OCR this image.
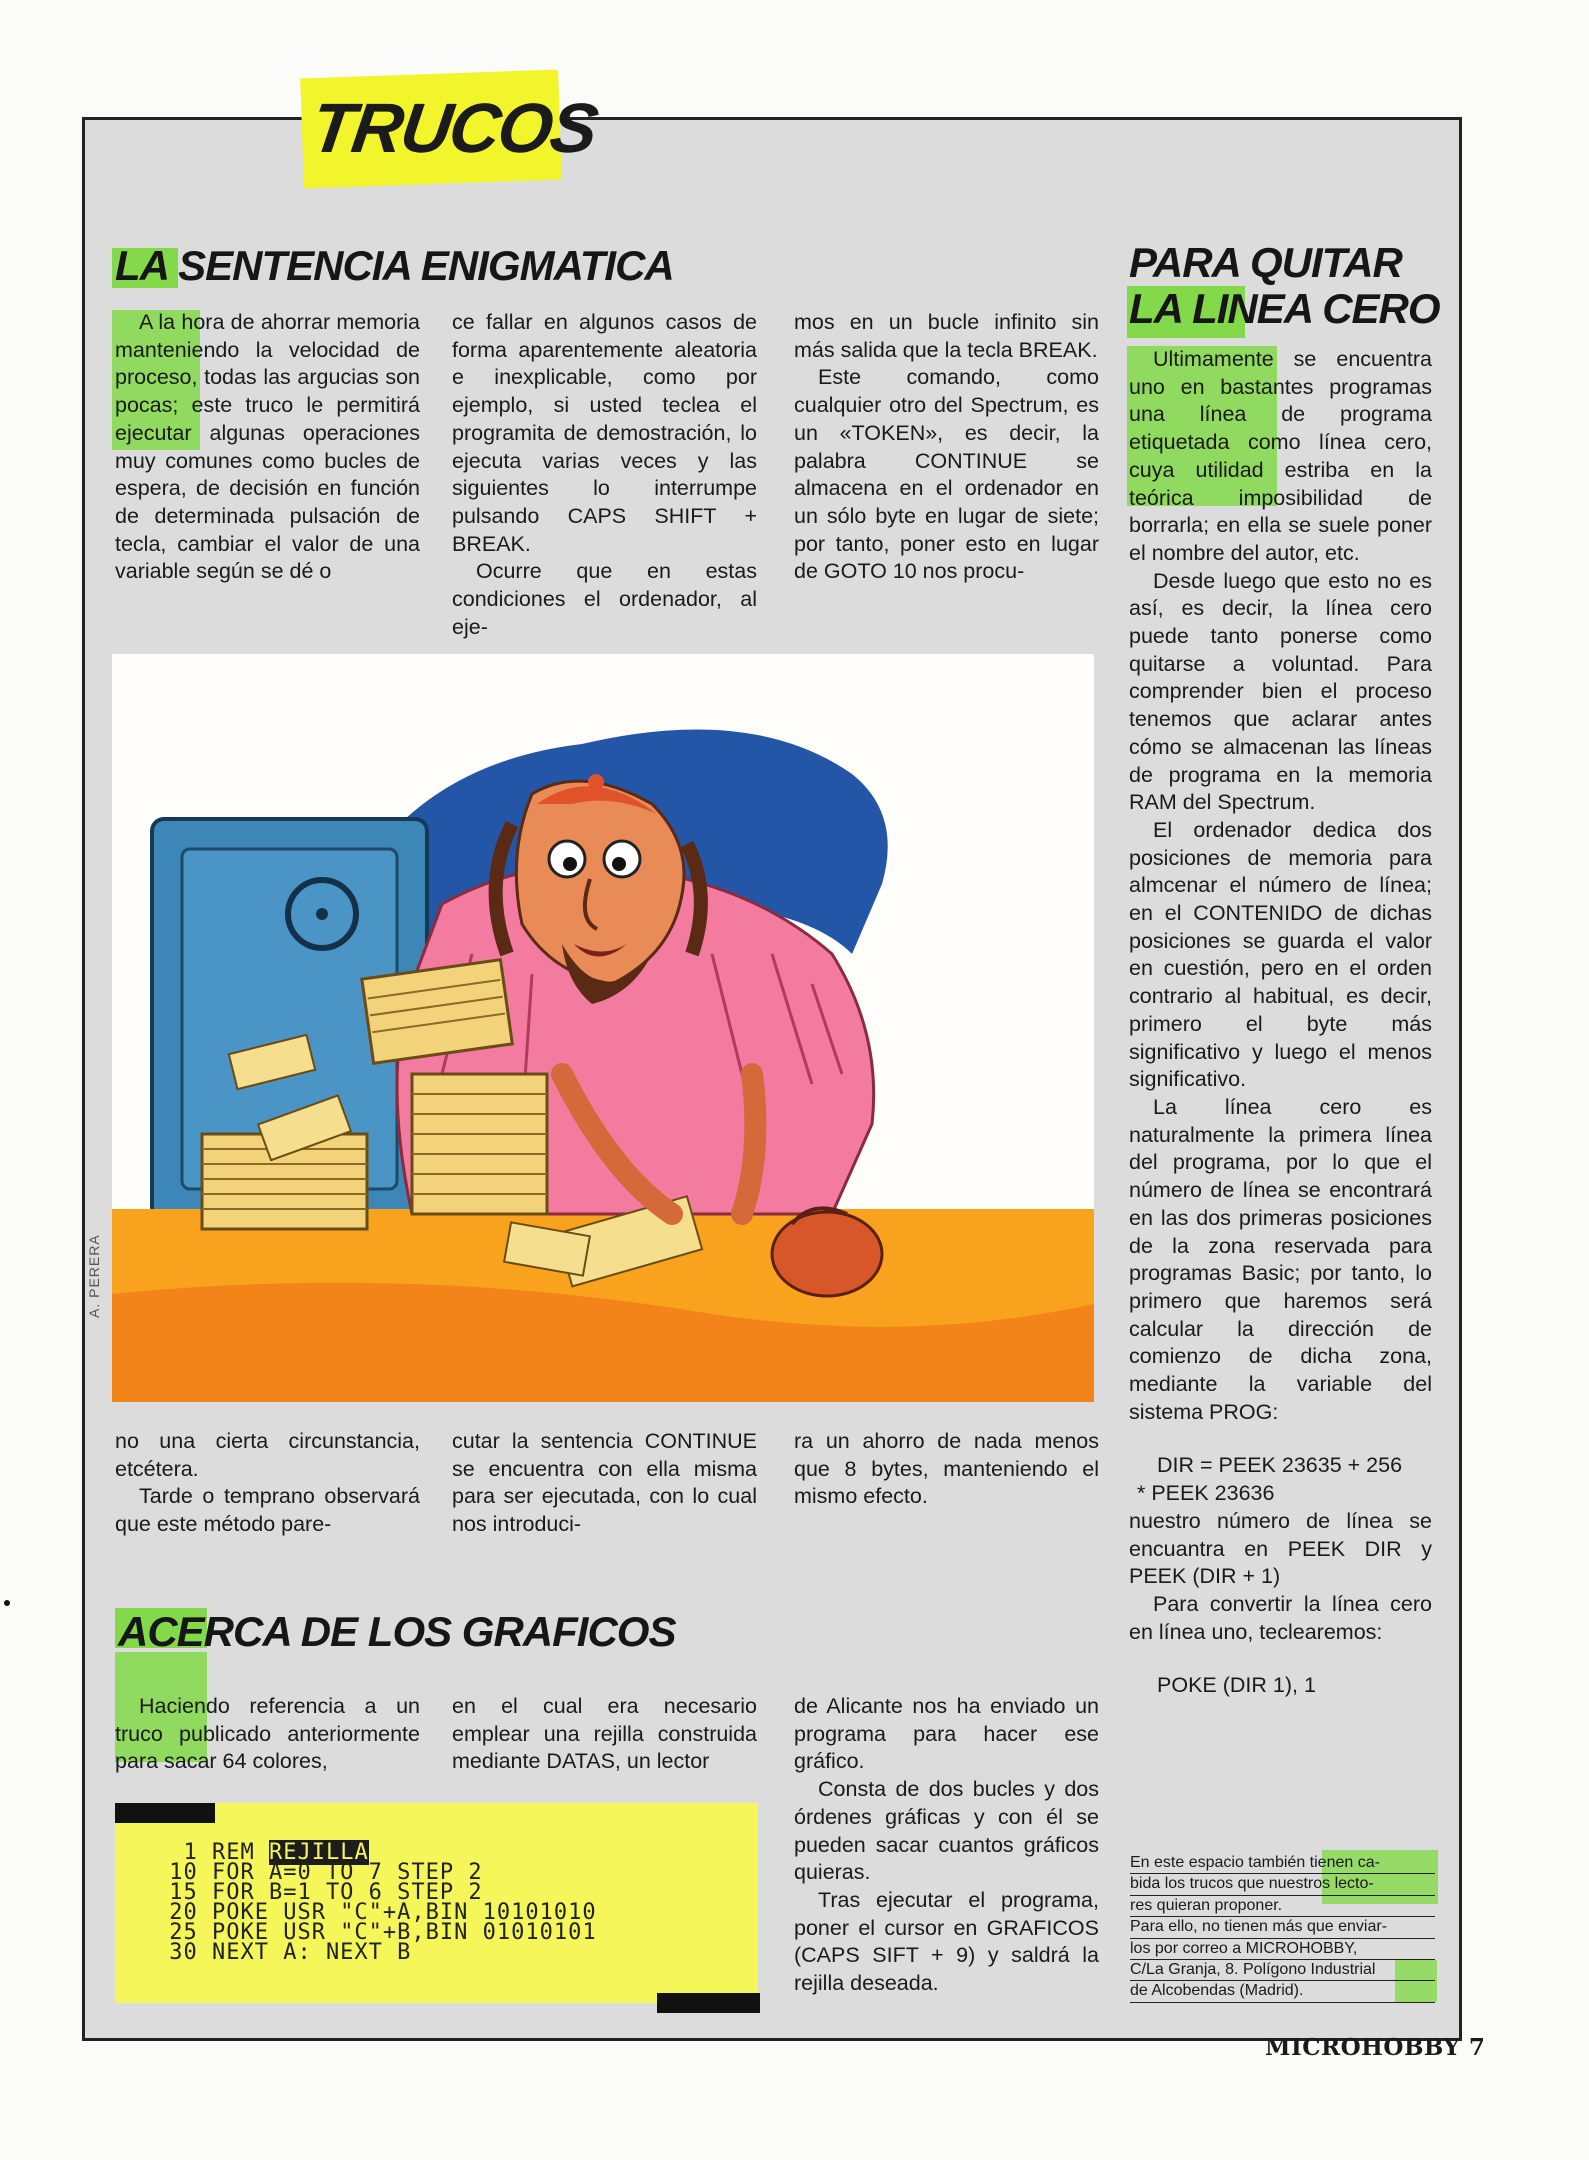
TRUCOS
LA SENTENCIA ENIGMATICA

A la hora de ahorrar memoria manteniendo la velocidad de proceso, todas las argucias son pocas; este truco le permitirá ejecutar algunas operaciones muy comunes como bucles de espera, de decisión en función de determinada pulsación de tecla, cambiar el valor de una variable según se dé o

ce fallar en algunos casos de forma aparentemente aleatoria e inexplicable, como por ejemplo, si usted teclea el programita de demostración, lo ejecuta varias veces y las siguientes lo interrumpe pulsando CAPS SHIFT + BREAK.

Ocurre que en estas condiciones el ordenador, al eje-

mos en un bucle infinito sin más salida que la tecla BREAK.

Este comando, como cualquier otro del Spectrum, es un «TOKEN», es decir, la palabra CONTINUE se almacena en el ordenador en un sólo byte en lugar de siete; por tanto, poner esto en lugar de GOTO 10 nos procu-

A. PERERA

no una cierta circunstancia, etcétera.

Tarde o temprano observará que este método pare-

cutar la sentencia CONTINUE se encuentra con ella misma para ser ejecutada, con lo cual nos introduci-

ra un ahorro de nada menos que 8 bytes, manteniendo el mismo efecto.

PARA QUITAR
LA LINEA CERO

Ultimamente se encuentra uno en bastantes programas una línea de programa etiquetada como línea cero, cuya utilidad estriba en la teórica imposibilidad de borrarla; en ella se suele poner el nombre del autor, etc.

Desde luego que esto no es así, es decir, la línea cero puede tanto ponerse como quitarse a voluntad. Para comprender bien el proceso tenemos que aclarar antes cómo se almacenan las líneas de programa en la memoria RAM del Spectrum.

El ordenador dedica dos posiciones de memoria para almcenar el número de línea; en el CONTENIDO de dichas posiciones se guarda el valor en cuestión, pero en el orden contrario al habitual, es decir, primero el byte más significativo y luego el menos significativo.

La línea cero es naturalmente la primera línea del programa, por lo que el número de línea se encontrará en las dos primeras posiciones de la zona reservada para programas Basic; por tanto, lo primero que haremos será calcular la dirección de comienzo de dicha zona, mediante la variable del sistema PROG:

DIR = PEEK 23635 + 256

* PEEK 23636

nuestro número de línea se encuantra en PEEK DIR y PEEK (DIR + 1)

Para convertir la línea cero en línea uno, teclearemos:

POKE (DIR 1), 1

ACERCA DE LOS GRAFICOS

Haciendo referencia a un truco publicado anteriormente para sacar 64 colores,

en el cual era necesario emplear una rejilla construida mediante DATAS, un lector

de Alicante nos ha enviado un programa para hacer ese gráfico.

Consta de dos bucles y dos órdenes gráficas y con él se pueden sacar cuantos gráficos quieras.

Tras ejecutar el programa, poner el cursor en GRAFICOS (CAPS SIFT + 9) y saldrá la rejilla deseada.

1 REM REJILLA
10 FOR A=0 TO 7 STEP 2
15 FOR B=1 TO 6 STEP 2
20 POKE USR "C"+A,BIN 10101010
25 POKE USR "C"+B,BIN 01010101
30 NEXT A: NEXT B
En este espacio también tienen ca-
bida los trucos que nuestros lecto-
res quieran proponer.
Para ello, no tienen más que enviar-
los por correo a MICROHOBBY,
C/La Granja, 8. Polígono Industrial
de Alcobendas (Madrid).
MICROHOBBY 7
